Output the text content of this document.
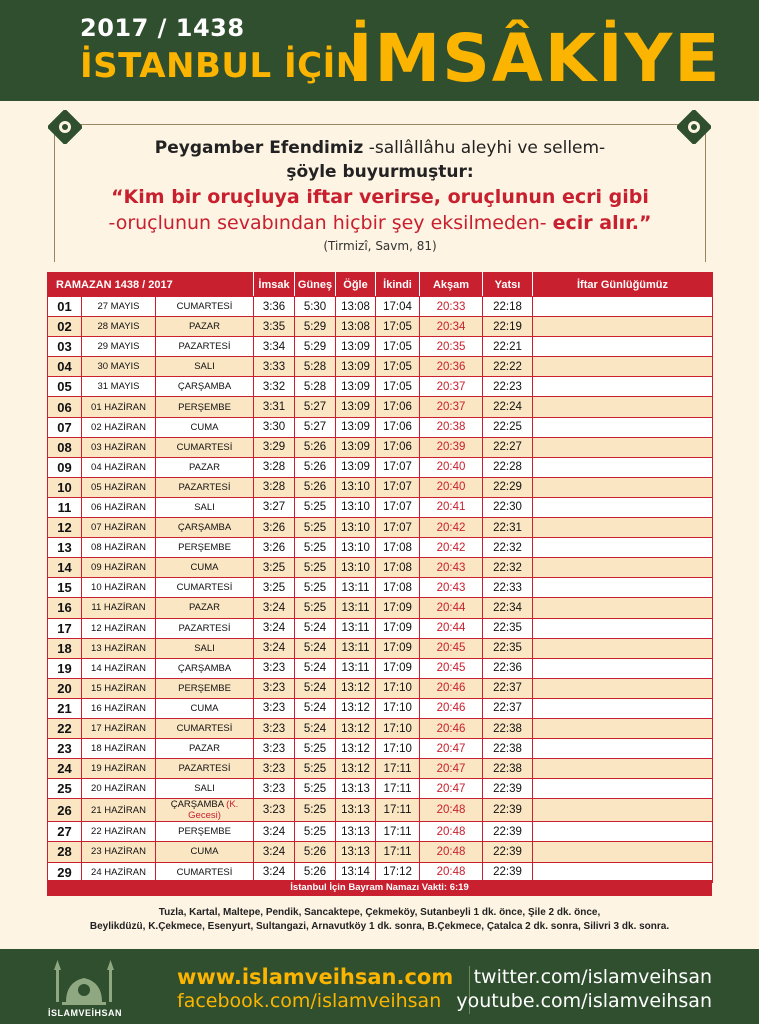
2017 / 1438
İSTANBUL İÇİN
İMSÂKİYE
Peygamber Efendimiz -sallâllâhu aleyhi ve sellem-
şöyle buyurmuştur:
“Kim bir oruçluya iftar verirse, oruçlunun ecri gibi
-oruçlunun sevabından hiçbir şey eksilmeden- ecir alır.”
(Tirmizî, Savm, 81)
RAMAZAN 1438 / 2017			İmsak	Güneş	Öğle	İkindi	Akşam	Yatsı	İftar Günlüğümüz
01	27 MAYIS	CUMARTESİ	3:36	5:30	13:08	17:04	20:33	22:18	
02	28 MAYIS	PAZAR	3:35	5:29	13:08	17:05	20:34	22:19	
03	29 MAYIS	PAZARTESİ	3:34	5:29	13:09	17:05	20:35	22:21	
04	30 MAYIS	SALI	3:33	5:28	13:09	17:05	20:36	22:22	
05	31 MAYIS	ÇARŞAMBA	3:32	5:28	13:09	17:05	20:37	22:23	
06	01 HAZİRAN	PERŞEMBE	3:31	5:27	13:09	17:06	20:37	22:24	
07	02 HAZİRAN	CUMA	3:30	5:27	13:09	17:06	20:38	22:25	
08	03 HAZİRAN	CUMARTESİ	3:29	5:26	13:09	17:06	20:39	22:27	
09	04 HAZİRAN	PAZAR	3:28	5:26	13:09	17:07	20:40	22:28	
10	05 HAZİRAN	PAZARTESİ	3:28	5:26	13:10	17:07	20:40	22:29	
11	06 HAZİRAN	SALI	3:27	5:25	13:10	17:07	20:41	22:30	
12	07 HAZİRAN	ÇARŞAMBA	3:26	5:25	13:10	17:07	20:42	22:31	
13	08 HAZİRAN	PERŞEMBE	3:26	5:25	13:10	17:08	20:42	22:32	
14	09 HAZİRAN	CUMA	3:25	5:25	13:10	17:08	20:43	22:32	
15	10 HAZİRAN	CUMARTESİ	3:25	5:25	13:11	17:08	20:43	22:33	
16	11 HAZİRAN	PAZAR	3:24	5:25	13:11	17:09	20:44	22:34	
17	12 HAZİRAN	PAZARTESİ	3:24	5:24	13:11	17:09	20:44	22:35	
18	13 HAZİRAN	SALI	3:24	5:24	13:11	17:09	20:45	22:35	
19	14 HAZİRAN	ÇARŞAMBA	3:23	5:24	13:11	17:09	20:45	22:36	
20	15 HAZİRAN	PERŞEMBE	3:23	5:24	13:12	17:10	20:46	22:37	
21	16 HAZİRAN	CUMA	3:23	5:24	13:12	17:10	20:46	22:37	
22	17 HAZİRAN	CUMARTESİ	3:23	5:24	13:12	17:10	20:46	22:38	
23	18 HAZİRAN	PAZAR	3:23	5:25	13:12	17:10	20:47	22:38	
24	19 HAZİRAN	PAZARTESİ	3:23	5:25	13:12	17:11	20:47	22:38	
25	20 HAZİRAN	SALI	3:23	5:25	13:13	17:11	20:47	22:39	
26	21 HAZİRAN	ÇARŞAMBA (K. Gecesi)	3:23	5:25	13:13	17:11	20:48	22:39	
27	22 HAZİRAN	PERŞEMBE	3:24	5:25	13:13	17:11	20:48	22:39	
28	23 HAZİRAN	CUMA	3:24	5:26	13:13	17:11	20:48	22:39	
29	24 HAZİRAN	CUMARTESİ	3:24	5:26	13:14	17:12	20:48	22:39	
İstanbul İçin Bayram Namazı Vakti: 6:19
Tuzla, Kartal, Maltepe, Pendik, Sancaktepe, Çekmeköy, Sutanbeyli 1 dk. önce, Şile 2 dk. önce,
Beylikdüzü, K.Çekmece, Esenyurt, Sultangazi, Arnavutköy 1 dk. sonra, B.Çekmece, Çatalca 2 dk. sonra, Silivri 3 dk. sonra.
İSLAMVEİHSAN
www.islamveihsan.com
facebook.com/islamveihsan
twitter.com/islamveihsan
youtube.com/islamveihsan
